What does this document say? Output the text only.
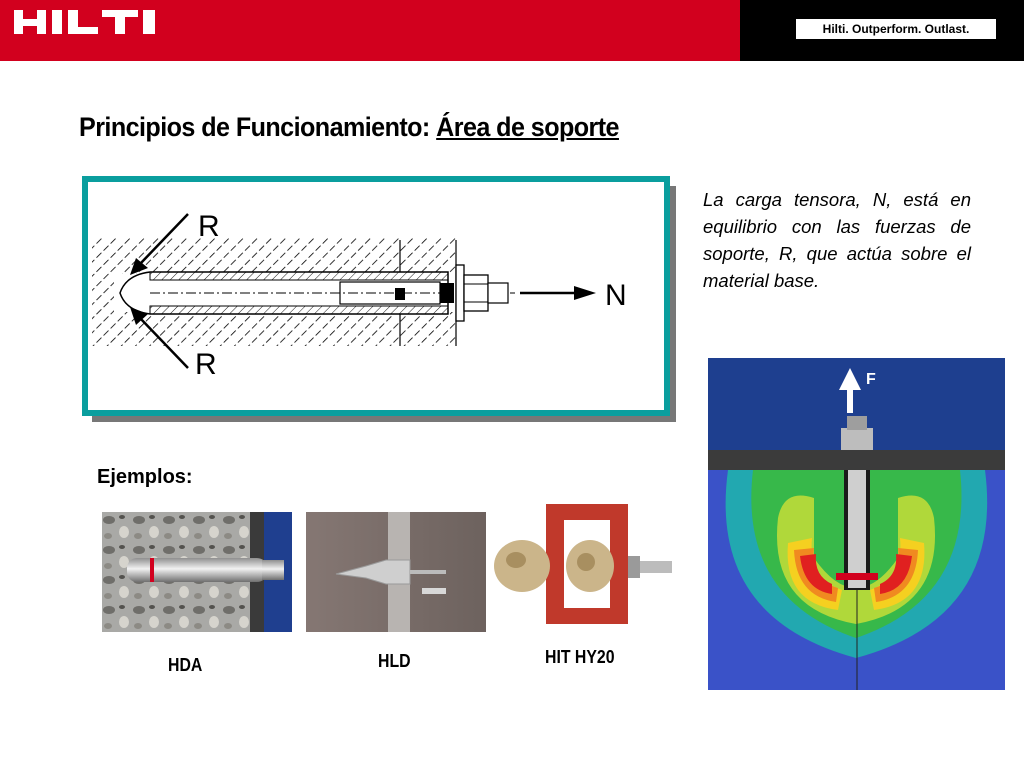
Hilti. Outperform. Outlast.
Principios de Funcionamiento: Área de soporte
R
R
N
La carga tensora, N, está en equilibrio con las fuerzas de soporte, R, que actúa sobre el material base.
Ejemplos:
HDA	HLD	HIT HY20
F
